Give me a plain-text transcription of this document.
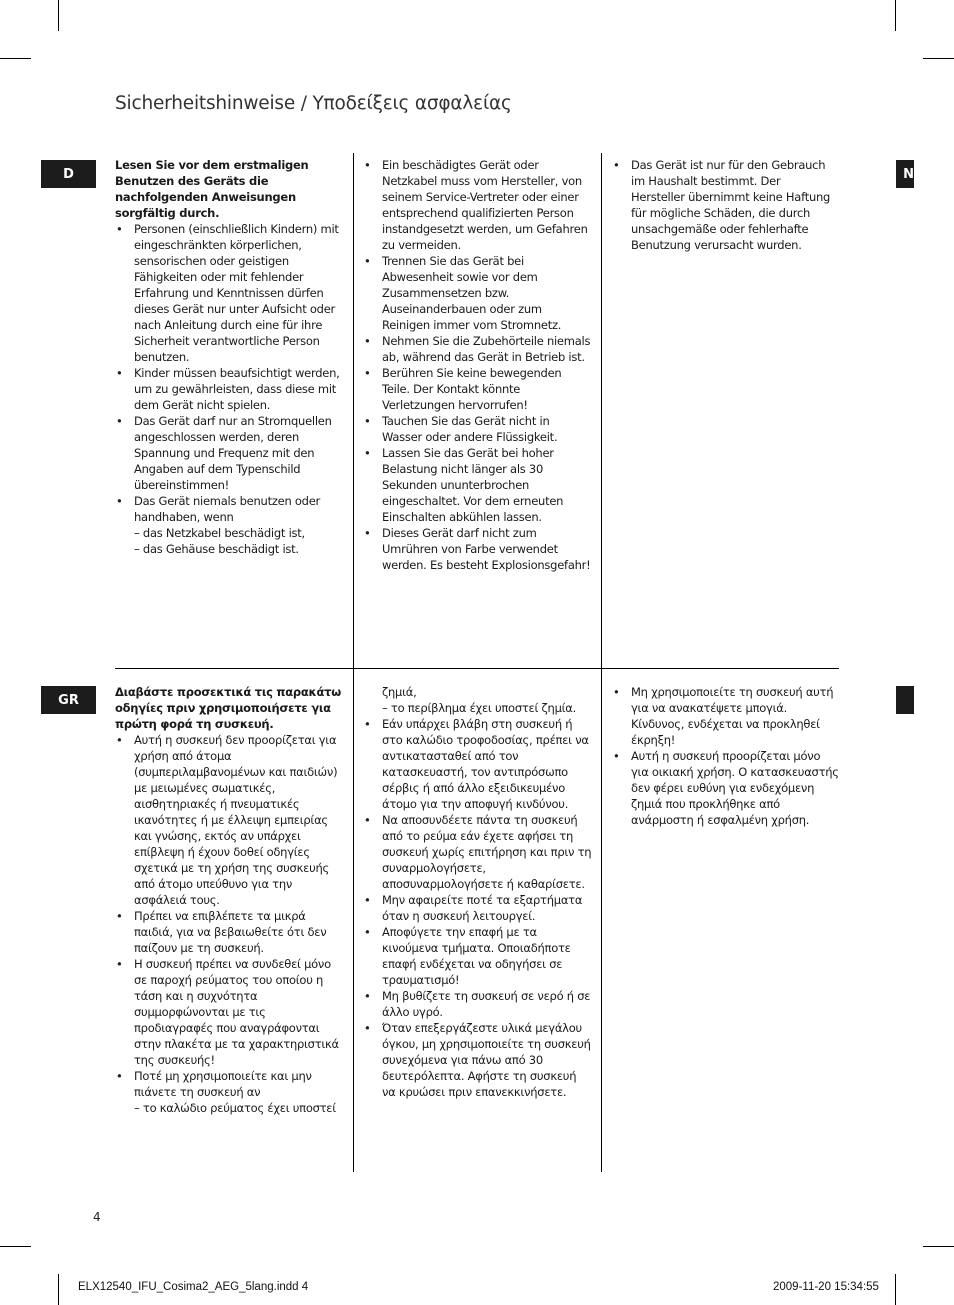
Sicherheitshinweise / Υποδείξεις ασφαλείας
D	N
GR

Lesen Sie vor dem erstmaligen Benutzen des Geräts die nachfolgenden Anweisungen sorgfältig durch.

• Personen (einschließlich Kindern) mit eingeschränkten körperlichen, sensorischen oder geistigen Fähigkeiten oder mit fehlender Erfahrung und Kenntnissen dürfen dieses Gerät nur unter Aufsicht oder nach Anleitung durch eine für ihre Sicherheit verantwortliche Person benutzen.
• Kinder müssen beaufsichtigt werden, um zu gewährleisten, dass diese mit dem Gerät nicht spielen.
• Das Gerät darf nur an Stromquellen angeschlossen werden, deren Spannung und Frequenz mit den Angaben auf dem Typenschild übereinstimmen!
• Das Gerät niemals benutzen oder handhaben, wenn
– das Netzkabel beschädigt ist,
– das Gehäuse beschädigt ist.
• Ein beschädigtes Gerät oder Netzkabel muss vom Hersteller, von seinem Service-Vertreter oder einer entsprechend qualifizierten Person instandgesetzt werden, um Gefahren zu vermeiden.
• Trennen Sie das Gerät bei Abwesenheit sowie vor dem Zusammensetzen bzw. Auseinanderbauen oder zum Reinigen immer vom Stromnetz.
• Nehmen Sie die Zubehörteile niemals ab, während das Gerät in Betrieb ist.
• Berühren Sie keine bewegenden Teile. Der Kontakt könnte Verletzungen hervorrufen!
• Tauchen Sie das Gerät nicht in Wasser oder andere Flüssigkeit.
• Lassen Sie das Gerät bei hoher Belastung nicht länger als 30 Sekunden ununterbrochen eingeschaltet. Vor dem erneuten Einschalten abkühlen lassen.
• Dieses Gerät darf nicht zum Umrühren von Farbe verwendet werden. Es besteht Explosionsgefahr!
• Das Gerät ist nur für den Gebrauch im Haushalt bestimmt. Der Hersteller übernimmt keine Haftung für mögliche Schäden, die durch unsachgemäße oder fehlerhafte Benutzung verursacht wurden.

Διαβάστε προσεκτικά τις παρακάτω οδηγίες πριν χρησιμοποιήσετε για πρώτη φορά τη συσκευή.

• Αυτή η συσκευή δεν προορίζεται για χρήση από άτομα (συμπεριλαμβανομένων και παιδιών) με μειωμένες σωματικές, αισθητηριακές ή πνευματικές ικανότητες ή με έλλειψη εμπειρίας και γνώσης, εκτός αν υπάρχει επίβλεψη ή έχουν δοθεί οδηγίες σχετικά με τη χρήση της συσκευής από άτομο υπεύθυνο για την ασφάλειά τους.
• Πρέπει να επιβλέπετε τα μικρά παιδιά, για να βεβαιωθείτε ότι δεν παίζουν με τη συσκευή.
• Η συσκευή πρέπει να συνδεθεί μόνο σε παροχή ρεύματος του οποίου η τάση και η συχνότητα συμμορφώνονται με τις προδιαγραφές που αναγράφονται στην πλακέτα με τα χαρακτηριστικά της συσκευής!
• Ποτέ μη χρησιμοποιείτε και μην πιάνετε τη συσκευή αν
– το καλώδιο ρεύματος έχει υποστεί

ζημιά,

– το περίβλημα έχει υποστεί ζημία.

• Εάν υπάρχει βλάβη στη συσκευή ή στο καλώδιο τροφοδοσίας, πρέπει να αντικατασταθεί από τον κατασκευαστή, τον αντιπρόσωπο σέρβις ή από άλλο εξειδικευμένο άτομο για την αποφυγή κινδύνου.
• Να αποσυνδέετε πάντα τη συσκευή από το ρεύμα εάν έχετε αφήσει τη συσκευή χωρίς επιτήρηση και πριν τη συναρμολογήσετε, αποσυναρμολογήσετε ή καθαρίσετε.
• Μην αφαιρείτε ποτέ τα εξαρτήματα όταν η συσκευή λειτουργεί.
• Αποφύγετε την επαφή με τα κινούμενα τμήματα. Οποιαδήποτε επαφή ενδέχεται να οδηγήσει σε τραυματισμό!
• Μη βυθίζετε τη συσκευή σε νερό ή σε άλλο υγρό.
• Όταν επεξεργάζεστε υλικά μεγάλου όγκου, μη χρησιμοποιείτε τη συσκευή συνεχόμενα για πάνω από 30 δευτερόλεπτα. Αφήστε τη συσκευή να κρυώσει πριν επανεκκινήσετε.
• Μη χρησιμοποιείτε τη συσκευή αυτή για να ανακατέψετε μπογιά. Κίνδυνος, ενδέχεται να προκληθεί έκρηξη!
• Αυτή η συσκευή προορίζεται μόνο για οικιακή χρήση. Ο κατασκευαστής δεν φέρει ευθύνη για ενδεχόμενη ζημιά που προκλήθηκε από ανάρμοστη ή εσφαλμένη χρήση.
4
ELX12540_IFU_Cosima2_AEG_5lang.indd 4	2009-11-20 15:34:55
